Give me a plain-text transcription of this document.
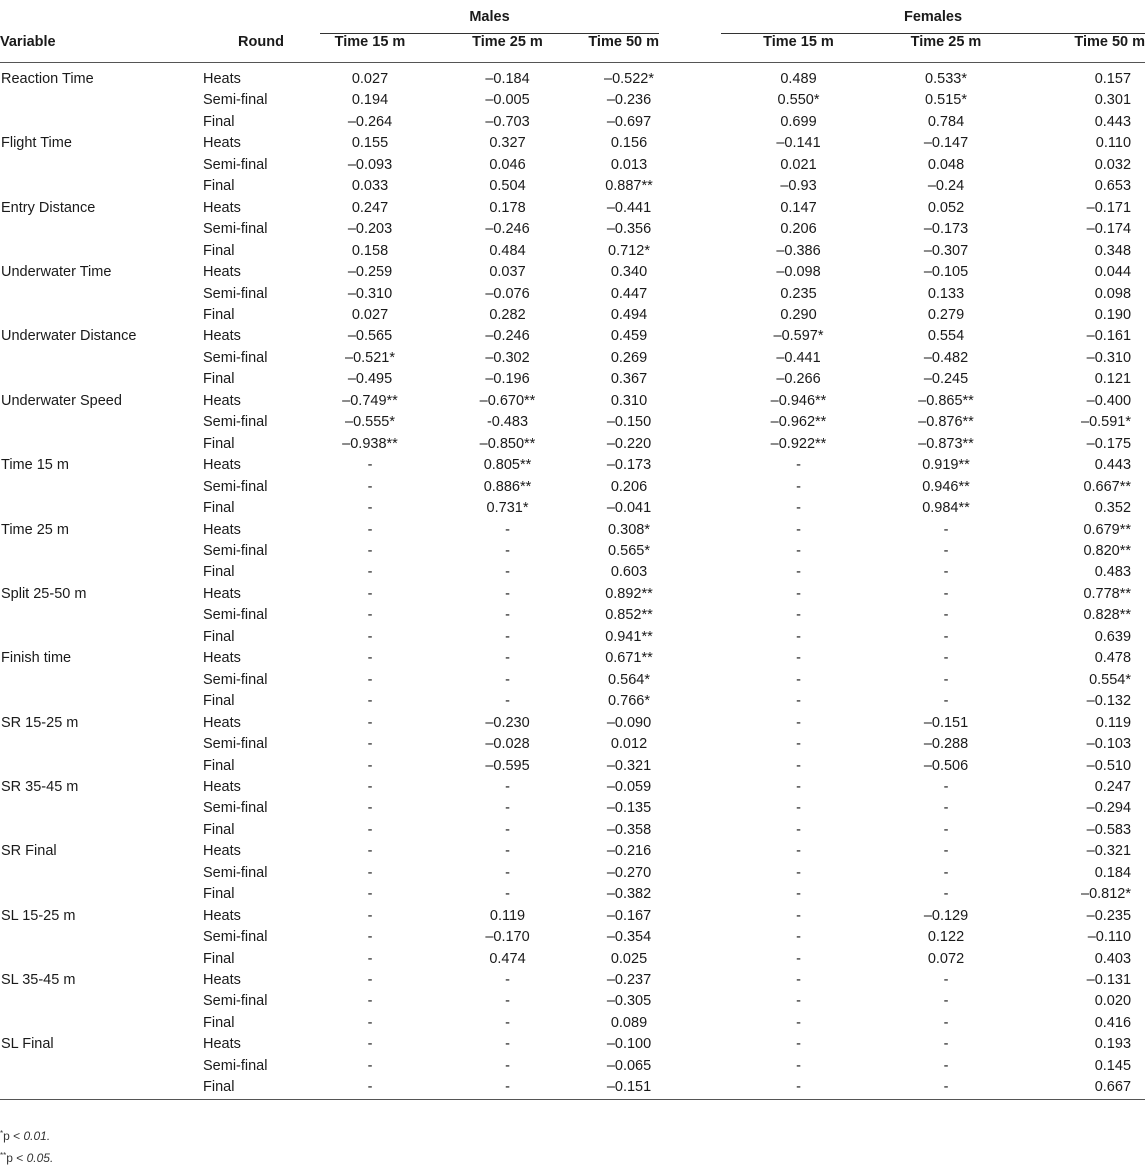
		Males				Females		
Variable	Round	Time 15 m	Time 25 m	Time 50 m		Time 15 m	Time 25 m	Time 50 m
Reaction Time	Heats	0.027	–0.184	–0.522*		0.489	0.533*	0.157
	Semi-final	0.194	–0.005	–0.236		0.550*	0.515*	0.301
	Final	–0.264	–0.703	–0.697		0.699	0.784	0.443
Flight Time	Heats	0.155	0.327	0.156		–0.141	–0.147	0.110
	Semi-final	–0.093	0.046	0.013		0.021	0.048	0.032
	Final	0.033	0.504	0.887**		–0.93	–0.24	0.653
Entry Distance	Heats	0.247	0.178	–0.441		0.147	0.052	–0.171
	Semi-final	–0.203	–0.246	–0.356		0.206	–0.173	–0.174
	Final	0.158	0.484	0.712*		–0.386	–0.307	0.348
Underwater Time	Heats	–0.259	0.037	0.340		–0.098	–0.105	0.044
	Semi-final	–0.310	–0.076	0.447		0.235	0.133	0.098
	Final	0.027	0.282	0.494		0.290	0.279	0.190
Underwater Distance	Heats	–0.565	–0.246	0.459		–0.597*	0.554	–0.161
	Semi-final	–0.521*	–0.302	0.269		–0.441	–0.482	–0.310
	Final	–0.495	–0.196	0.367		–0.266	–0.245	0.121
Underwater Speed	Heats	–0.749**	–0.670**	0.310		–0.946**	–0.865**	–0.400
	Semi-final	–0.555*	-0.483	–0.150		–0.962**	–0.876**	–0.591*
	Final	–0.938**	–0.850**	–0.220		–0.922**	–0.873**	–0.175
Time 15 m	Heats	-	0.805**	–0.173		-	0.919**	0.443
	Semi-final	-	0.886**	0.206		-	0.946**	0.667**
	Final	-	0.731*	–0.041		-	0.984**	0.352
Time 25 m	Heats	-	-	0.308*		-	-	0.679**
	Semi-final	-	-	0.565*		-	-	0.820**
	Final	-	-	0.603		-	-	0.483
Split 25-50 m	Heats	-	-	0.892**		-	-	0.778**
	Semi-final	-	-	0.852**		-	-	0.828**
	Final	-	-	0.941**		-	-	0.639
Finish time	Heats	-	-	0.671**		-	-	0.478
	Semi-final	-	-	0.564*		-	-	0.554*
	Final	-	-	0.766*		-	-	–0.132
SR 15-25 m	Heats	-	–0.230	–0.090		-	–0.151	0.119
	Semi-final	-	–0.028	0.012		-	–0.288	–0.103
	Final	-	–0.595	–0.321		-	–0.506	–0.510
SR 35-45 m	Heats	-	-	–0.059		-	-	0.247
	Semi-final	-	-	–0.135		-	-	–0.294
	Final	-	-	–0.358		-	-	–0.583
SR Final	Heats	-	-	–0.216		-	-	–0.321
	Semi-final	-	-	–0.270		-	-	0.184
	Final	-	-	–0.382		-	-	–0.812*
SL 15-25 m	Heats	-	0.119	–0.167		-	–0.129	–0.235
	Semi-final	-	–0.170	–0.354		-	0.122	–0.110
	Final	-	0.474	0.025		-	0.072	0.403
SL 35-45 m	Heats	-	-	–0.237		-	-	–0.131
	Semi-final	-	-	–0.305		-	-	0.020
	Final	-	-	0.089		-	-	0.416
SL Final	Heats	-	-	–0.100		-	-	0.193
	Semi-final	-	-	–0.065		-	-	0.145
	Final	-	-	–0.151		-	-	0.667
*p < 0.01.
**p < 0.05.
